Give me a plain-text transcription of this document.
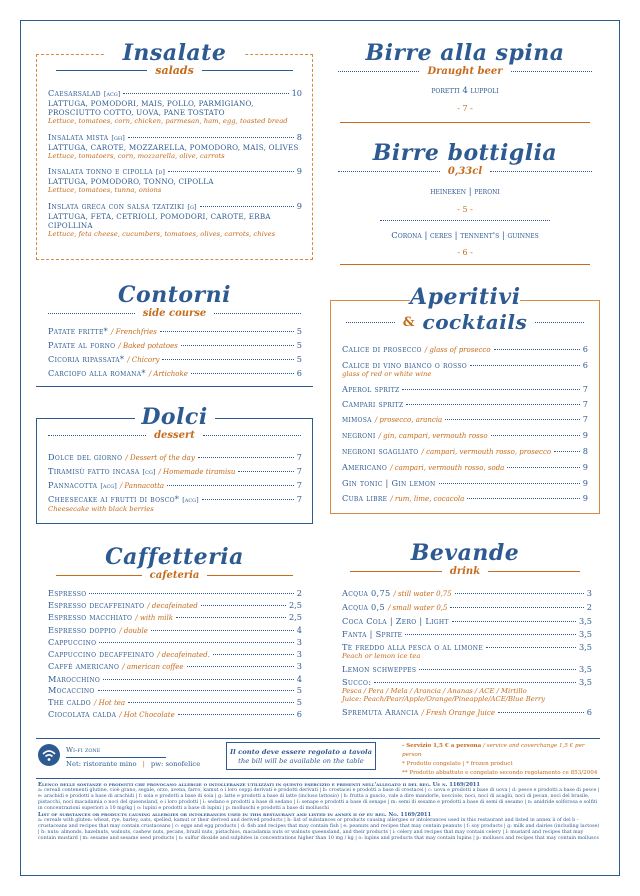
Insalate
salads
Caesarsalad [acg]	10
LATTUGA, POMODORI, MAIS, POLLO, PARMIGIANO, PROSCIUTTO COTTO, UOVA, PANE TOSTATO
Lettuce, tomatoes, corn, chicken, parmesan, ham, egg, toasted bread
Insalata mista [gh]	8
LATTUGA, CAROTE, MOZZARELLA, POMODORO, MAIS, OLIVES
Lettuce, tomatoers, corn, mozzarella, olive, carrots
Insalata tonno e cipolla [d]	9
LATTUGA, POMODORO, TONNO, CIPOLLA
Lettuce, tomatoes, tunna, onions
Inslata greca con salsa tzatziki [g]	9
LATTUGA, FETA, CETRIOLI, POMODORI, CAROTE, ERBA CIPOLLINA
Lettuce, feta cheese, cucumbers, tomatoes, olives, carrots, chives
Birre alla spina
Draught beer
poretti 4 luppoli
- 7 -
Birre bottiglia
0,33cl
heineken | peroni
- 5 -
Corona | ceres | tennent's | guinnes
- 6 -
Contorni
side course
Patate fritte* / Frenchfries	5
Patate al forno / Baked potatoes	5
Cicoria ripassata* / Chicory	5
Carciofo alla romana* / Artichoke	6
Dolci
dessert
Dolce del giorno / Dessert of the day	7
Tiramisù fatto incasa [cg] / Homemade tiramisu	7
Pannacotta [acg] / Pannacotta	7
Cheesecake ai frutti di bosco* [acg]	7
Cheesecake with black berries
Aperitivi
& cocktails
Calice di prosecco / glass of prosecco	6
Calice di vino bianco o rosso	6
glass of red or white wine
Aperol spritz	7
Campari spritz	7
mimosa / prosecco, arancia	7
negroni / gin, campari, vermouth rosso	9
negroni sgagliato / campari, vermouth rosso, prosecco	8
Americano / campari, vermouth rosso, soda	9
Gin tonic | Gin lemon	9
Cuba libre / rum, lime, cocacola	9
Caffetteria
cafeteria
Espresso	2
Espresso decaffeinato / decafeinated	2,5
Espresso macchiato / with milk	2,5
Espresso doppio / double	4
Cappuccino	3
Cappuccino decaffeinato / decafeinated.	3
Caffè americano / american coffee	3
Marocchino	4
Mocaccino	5
The caldo / Hot tea	5
Ciocolata calda / Hot Chocolate	6
Bevande
drink
Acqua 0,75 / still water 0,75	3
Acqua 0,5 / small water 0,5	2
Coca Cola | Zero | Light	3,5
Fanta | Sprite	3,5
Tè freddo alla pesca o al limone	3,5
Peach or lemon ice tea
Lemon schweppes	3,5
Succo:	3,5
Pesca / Pera / Mela / Arancia / Ananas / ACE / Mirtillo
Juice: Peach/Pear/Apple/Orange/Pineapple/ACE/Blue Berry
Spremuta Arancia / Fresh Orange Juice	6
Wi-fi zone
Net: ristorante mino | pw: sonofelice
Il conto deve essere regolato a tavola
the bill will be available on the table
- Servizio 1,5 € a persona / service and coverchange 1,5 € per person
* Prodotto congelato | * frozen product
** Prodotto abbattuto e congelato secondo regolamento ce 853/2004
Elenco delle sostanze o prodotti che provocano allergie o intolleranze utilizzati in questo esercizio e presenti nell'allegato ii del reg. Ue n. 1169/2011
a: cereali contenenti glutine, cioè grano, segale, orzo, avena, farro, kamut o i loro ceppi derivati e prodotti derivati | b: crostacei e prodotti a base di crostacei | c: uova e prodotti a base di uova | d: pesce e prodotti a base di pesce | e: arachidi e prodotti a base di arachidi | f: soia e prodotti a base di soia | g: latte e prodotti a base di latte (incluso lattosio) | h: frutta a guscio, vale a dire mandorle, nocciole, noci, noci di acagiù, noci di pecan, noci del brasile, pistacchi, noci macadamia o noci del queensland, e i loro prodotti | i: sedano e prodotti a base di sedano | l: senape e prodotti a base di senape | m: semi di sesamo e prodotti a base di semi di sesamo | n: anidride solforosa e solfiti in concentrazioni superiori a 10 mg/kg | o: lupini e prodotti a base di lupini | p: molluschi e prodotti a base di molluschi
List of substances or products causing allergies or intolerances used in this restaurant and listed in annex ii of eu reg. No. 1169/2011
a: cereals with gluten: wheat, rye, barley, oats, spelled, kamut or their derived and derived products | b: list of substances or products causing allergies or intolerances used in this restaurant and listed in annex ii of del b - crustaceans and recipes that may contain crustaceans | c: eggs and egg products | d: fish and recipes that may contain fish | e: peanuts and recipes that may contain peanuts | f: soy products | g: milk and dairies (including lactose) | h: nuts: almonds, hazelnuts, walnuts, cashew nuts, pecans, brazil nuts, pistachios, macadamia nuts or walnuts queensland, and their products | i: celery and recipes that may contain celery | l: mustard and recipes that may contain mustard | m: sesame and sesame seed products | n: sulfur dioxide and sulphites in concentrations higher than 10 mg / kg | o: lupins and products that may contain lupins | p: molluscs and recipes that may contain molluscs
